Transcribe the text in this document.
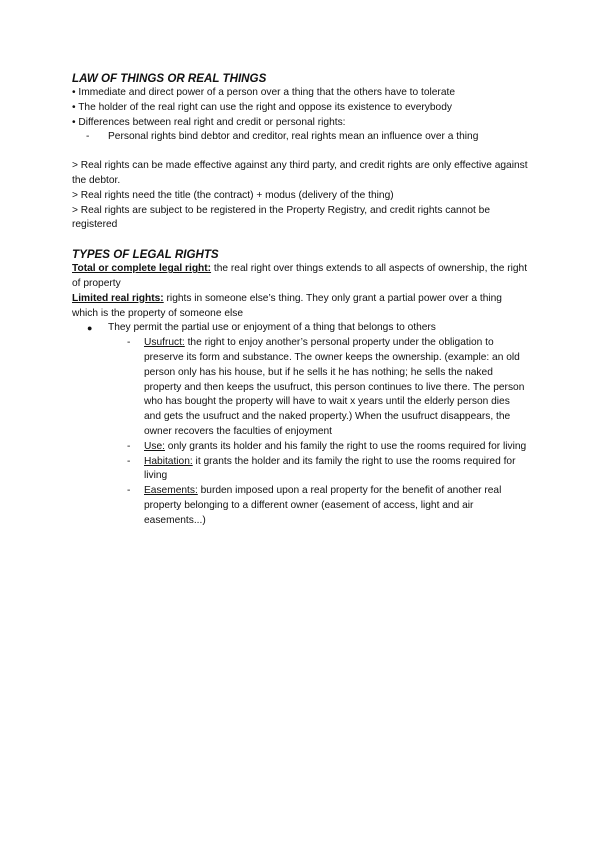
LAW OF THINGS OR REAL THINGS

• Immediate and direct power of a person over a thing that the others have to tolerate

• The holder of the real right can use the right and oppose its existence to everybody

• Differences between real right and credit or personal rights:

- Personal rights bind debtor and creditor, real rights mean an influence over a thing

> Real rights can be made effective against any third party, and credit rights are only effective against the debtor.

> Real rights need the title (the contract) + modus (delivery of the thing)

> Real rights are subject to be registered in the Property Registry, and credit rights cannot be registered

TYPES OF LEGAL RIGHTS

Total or complete legal right: the real right over things extends to all aspects of ownership, the right of property

Limited real rights: rights in someone else’s thing. They only grant a partial power over a thing which is the property of someone else

● They permit the partial use or enjoyment of a thing that belongs to others
- Usufruct: the right to enjoy another’s personal property under the obligation to preserve its form and substance. The owner keeps the ownership. (example: an old person only has his house, but if he sells it he has nothing; he sells the naked property and then keeps the usufruct, this person continues to live there. The person who has bought the property will have to wait x years until the elderly person dies and gets the usufruct and the naked property.) When the usufruct disappears, the owner recovers the faculties of enjoyment
- Use: only grants its holder and his family the right to use the rooms required for living
- Habitation: it grants the holder and its family the right to use the rooms required for living
- Easements: burden imposed upon a real property for the benefit of another real property belonging to a different owner (easement of access, light and air easements...)
